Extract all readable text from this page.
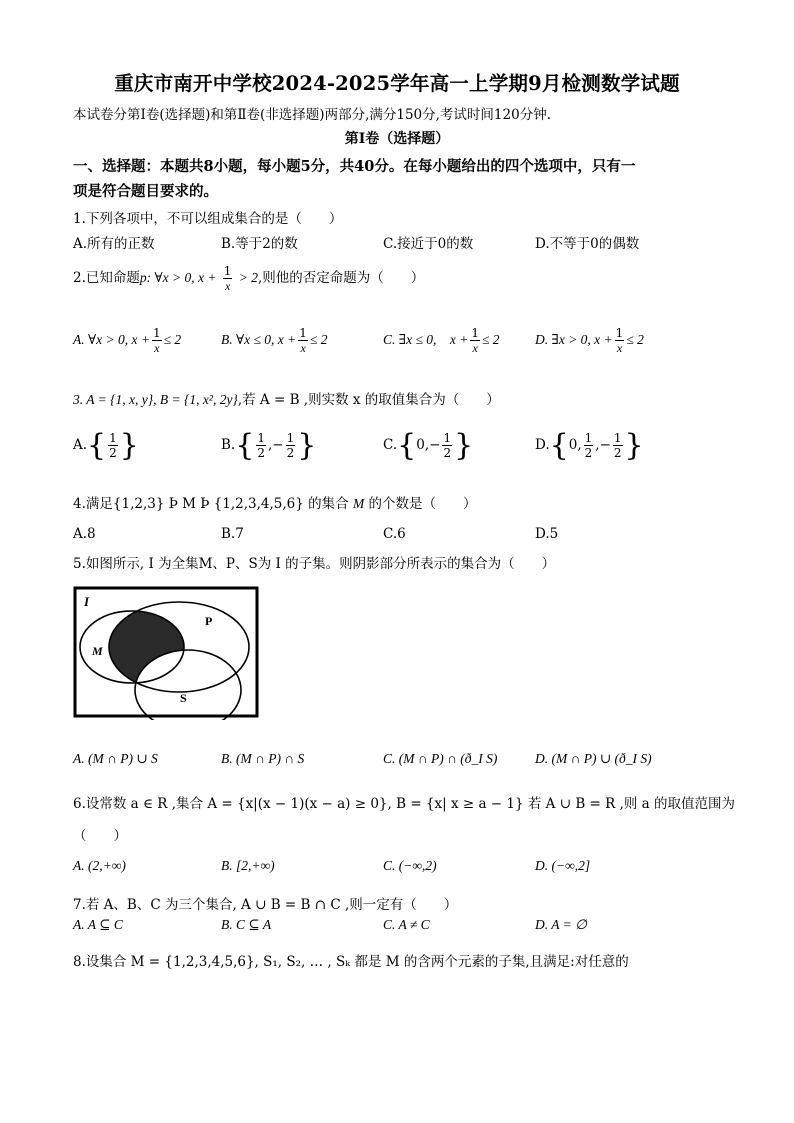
重庆市南开中学校2024-2025学年高一上学期9月检测数学试题
本试卷分第Ⅰ卷(选择题)和第Ⅱ卷(非选择题)两部分,满分150分,考试时间120分钟.
第Ⅰ卷（选择题）
一、选择题：本题共8小题，每小题5分，共40分。在每小题给出的四个选项中，只有一
项是符合题目要求的。
1.下列各项中，不可以组成集合的是（　　）
A.所有的正数	B.等于2的数	C.接近于0的数	D.不等于0的偶数
2.已知命题p: ∀x > 0, $x + \frac{1}{x} > 2$,则他的否定命题为（　　）
A. ∀x > 0, $x + \frac{1}{x} \le 2$	B. ∀x ≤ 0, $x + \frac{1}{x} \le 2$	C. ∃x ≤ 0,　$x + \frac{1}{x} \le 2$	D. ∃x > 0, $x + \frac{1}{x} \le 2$
3. A = {1, x, y}, B = {1, x², 2y},若 A = B ,则实数 x 的取值集合为（　　）
$A.\{ \frac{1}{2}$ }	$B.\{ \frac{1}{2}$ ,− $\frac{1}{2}$ }	$C.\{0,- \frac{1}{2}$ }	D.{0, $\frac{1}{2}$ ,− $\frac{1}{2}$ }
4.满足{1,2,3} Þ M Þ {1,2,3,4,5,6} 的集合 M 的个数是（　　）
A.8	B.7	C.6	D.5
5.如图所示, I 为全集M、P、S为 I 的子集。则阴影部分所表示的集合为（　　）
I
M
P
S
A. (M ∩ P) ∪ S	B. (M ∩ P) ∩ S	C. (M ∩ P) ∩ (ð_I S)	D. (M ∩ P) ∪ (ð_I S)
6.设常数 a ∈ R ,集合 A = {x|(x − 1)(x − a) ≥ 0}, B = {x| x ≥ a − 1} 若 A ∪ B = R ,则 a 的取值范围为
（　　）
A. (2,+∞)	B. [2,+∞)	C. (−∞,2)	D. (−∞,2]
7.若 A、B、C 为三个集合, A ∪ B = B ∩ C ,则一定有（　　）
A. A ⊆ C	B. C ⊆ A	C. A ≠ C	D. A = ∅
8.设集合 M = {1,2,3,4,5,6}, S₁, S₂, … , Sₖ 都是 M 的含两个元素的子集,且满足:对任意的
